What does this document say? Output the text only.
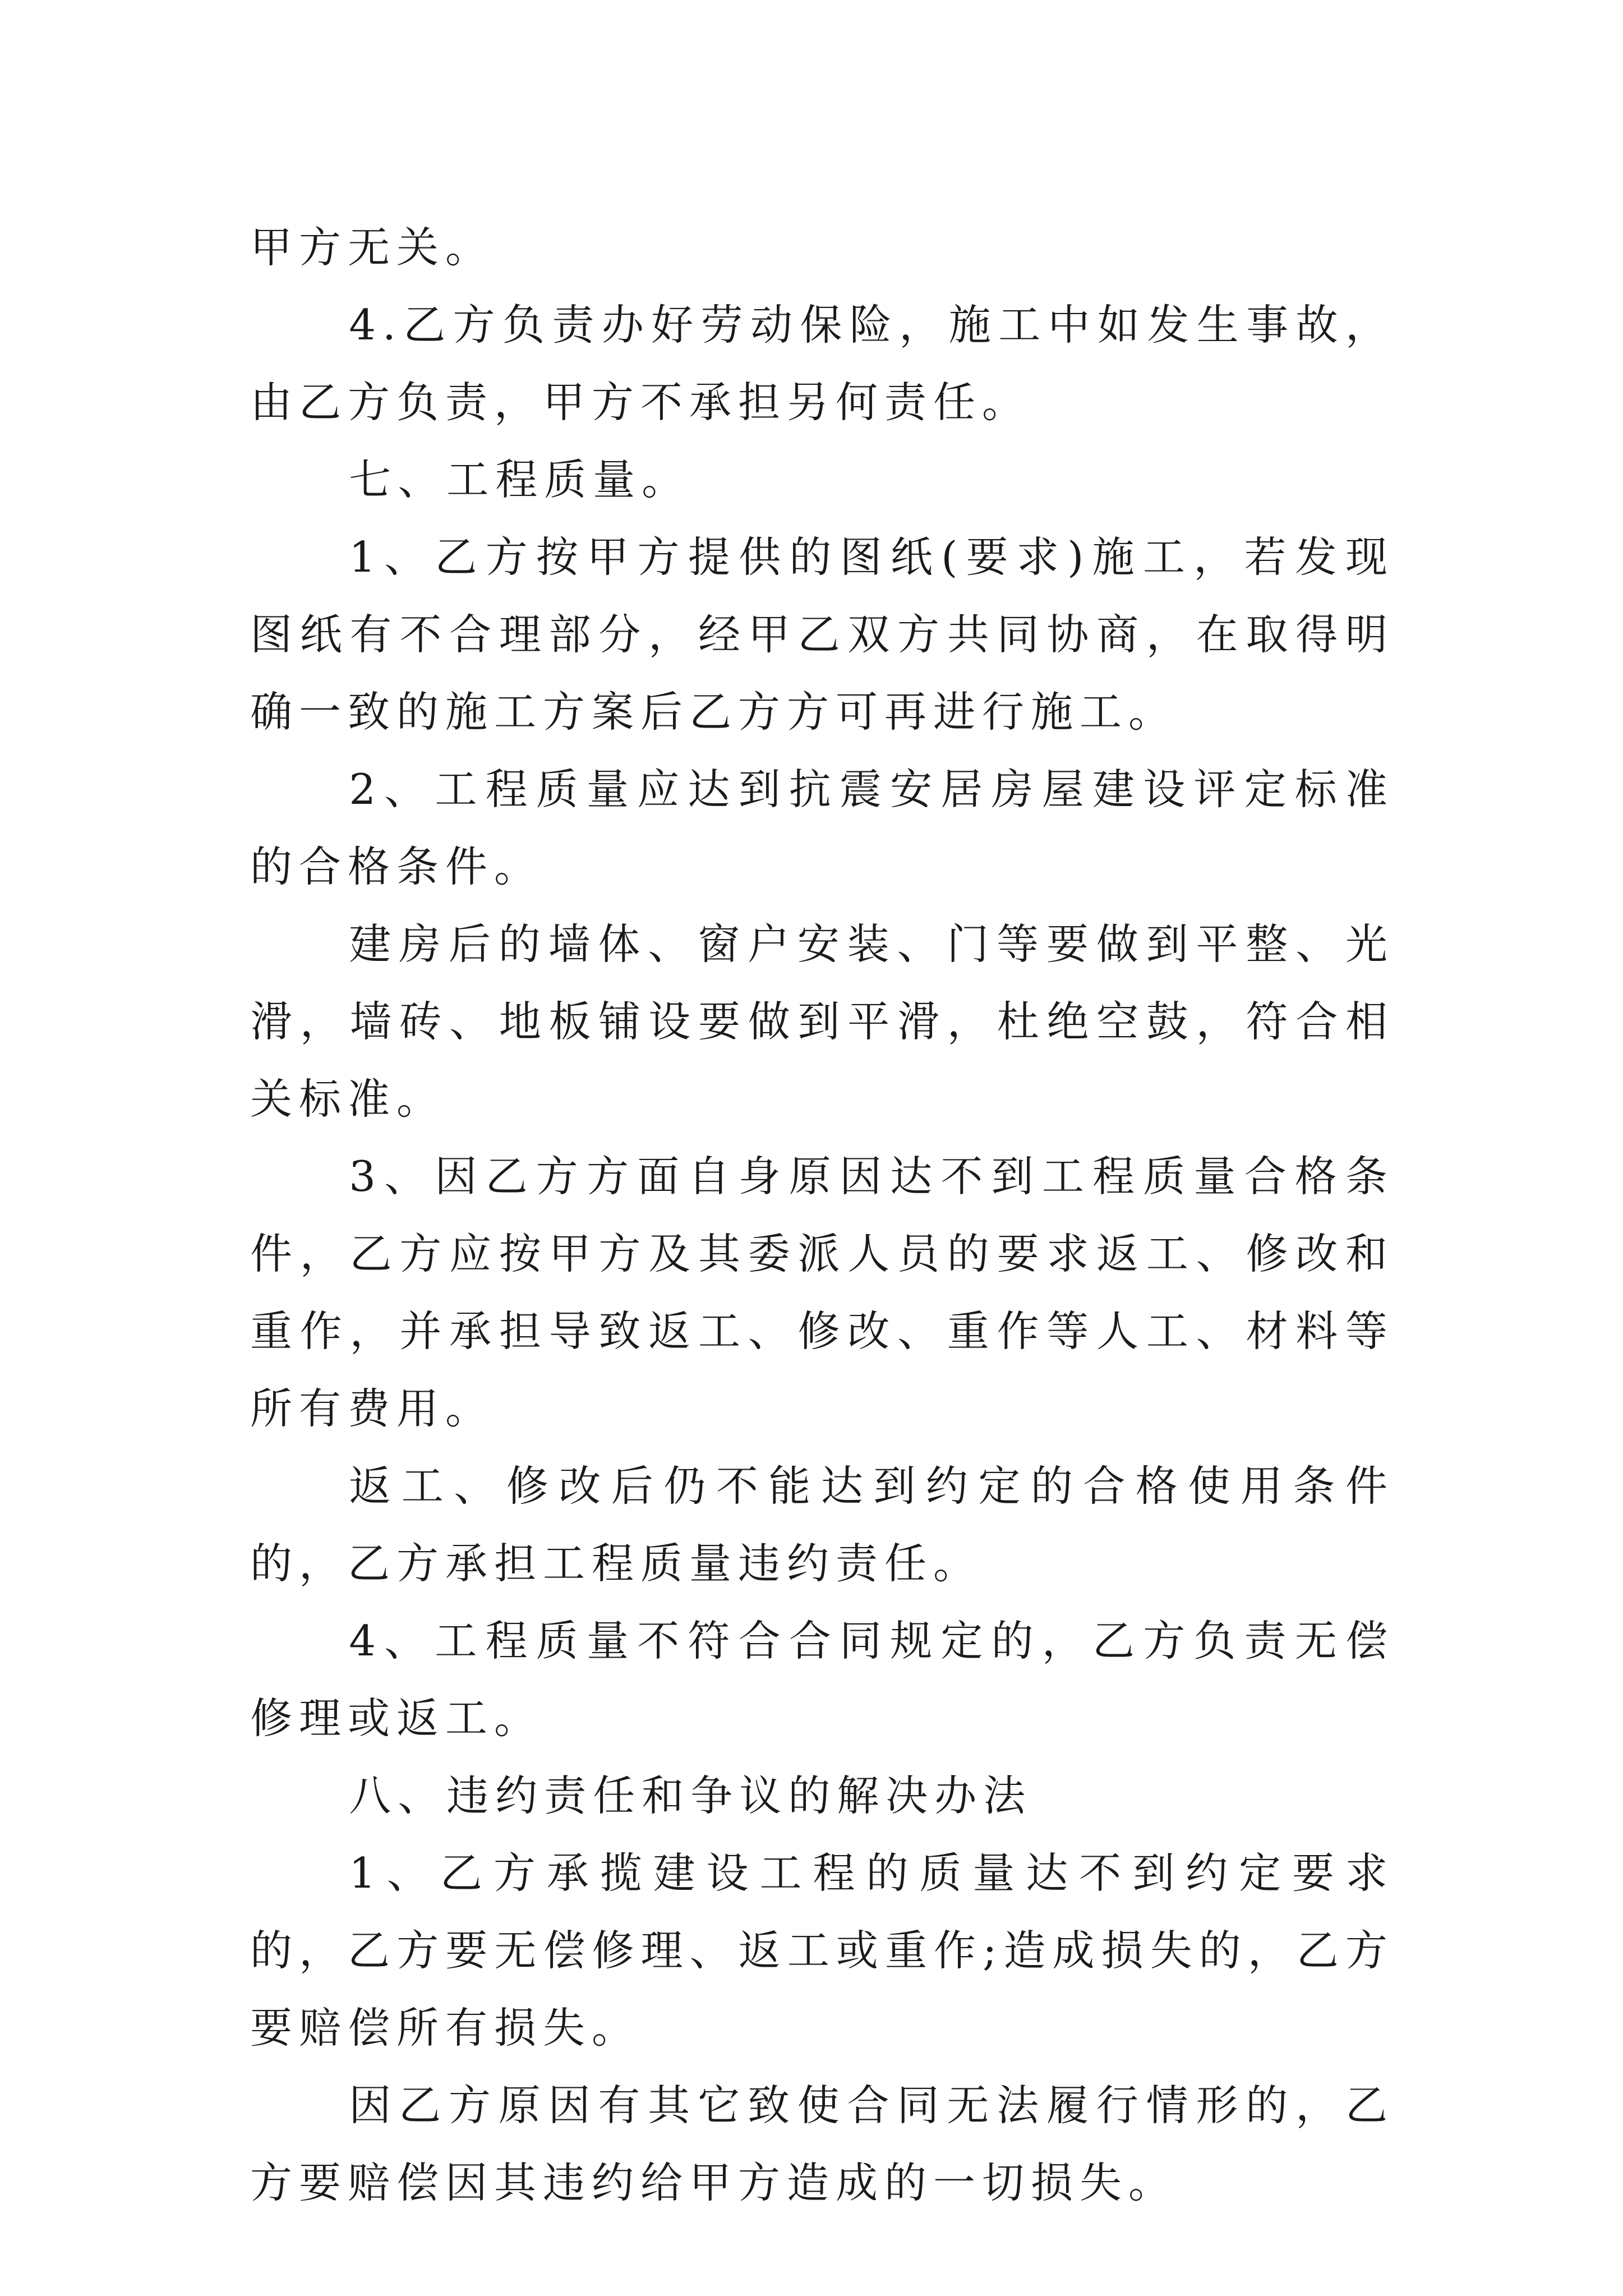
甲方无关。

4.乙方负责办好劳动保险，施工中如发生事故，由乙方负责，甲方不承担另何责任。

七、工程质量。

1、乙方按甲方提供的图纸(要求)施工，若发现图纸有不合理部分，经甲乙双方共同协商，在取得明确一致的施工方案后乙方方可再进行施工。

2、工程质量应达到抗震安居房屋建设评定标准的合格条件。

建房后的墙体、窗户安装、门等要做到平整、光滑，墙砖、地板铺设要做到平滑，杜绝空鼓，符合相关标准。

3、因乙方方面自身原因达不到工程质量合格条件，乙方应按甲方及其委派人员的要求返工、修改和重作，并承担导致返工、修改、重作等人工、材料等所有费用。

返工、修改后仍不能达到约定的合格使用条件的，乙方承担工程质量违约责任。

4、工程质量不符合合同规定的，乙方负责无偿修理或返工。

八、违约责任和争议的解决办法

1、乙方承揽建设工程的质量达不到约定要求的，乙方要无偿修理、返工或重作;造成损失的，乙方要赔偿所有损失。

因乙方原因有其它致使合同无法履行情形的，乙方要赔偿因其违约给甲方造成的一切损失。
